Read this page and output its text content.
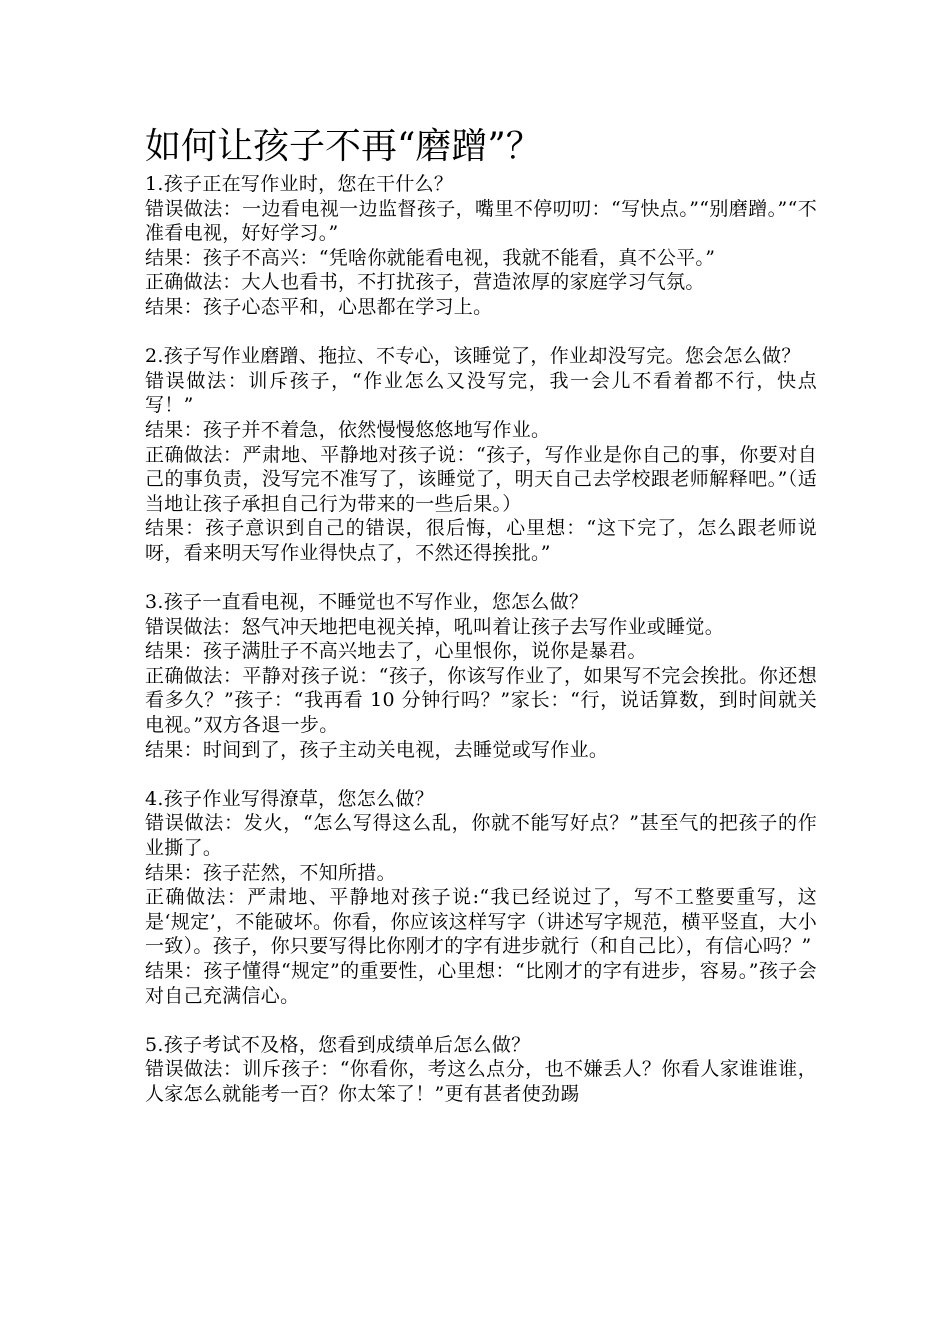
如何让孩子不再“磨蹭”？

1.孩子正在写作业时，您在干什么？

错误做法：一边看电视一边监督孩子，嘴里不停叨叨：“写快点。”“别磨蹭。”“不准看电视，好好学习。”

结果：孩子不高兴：“凭啥你就能看电视，我就不能看，真不公平。”

正确做法：大人也看书，不打扰孩子，营造浓厚的家庭学习气氛。

结果：孩子心态平和，心思都在学习上。

2.孩子写作业磨蹭、拖拉、不专心，该睡觉了，作业却没写完。您会怎么做？

错误做法：训斥孩子，“作业怎么又没写完，我一会儿不看着都不行，快点写！”

结果：孩子并不着急，依然慢慢悠悠地写作业。

正确做法：严肃地、平静地对孩子说：“孩子，写作业是你自己的事，你要对自己的事负责，没写完不准写了，该睡觉了，明天自己去学校跟老师解释吧。”（适当地让孩子承担自己行为带来的一些后果。）

结果：孩子意识到自己的错误，很后悔，心里想：“这下完了，怎么跟老师说呀，看来明天写作业得快点了，不然还得挨批。”

3.孩子一直看电视，不睡觉也不写作业，您怎么做？

错误做法：怒气冲天地把电视关掉，吼叫着让孩子去写作业或睡觉。

结果：孩子满肚子不高兴地去了，心里恨你，说你是暴君。

正确做法：平静对孩子说：“孩子，你该写作业了，如果写不完会挨批。你还想看多久？”孩子：“我再看 10 分钟行吗？”家长：“行，说话算数，到时间就关电视。”双方各退一步。

结果：时间到了，孩子主动关电视，去睡觉或写作业。

4.孩子作业写得潦草，您怎么做？

错误做法：发火，“怎么写得这么乱，你就不能写好点？”甚至气的把孩子的作业撕了。

结果：孩子茫然，不知所措。

正确做法：严肃地、平静地对孩子说:“我已经说过了，写不工整要重写，这是‘规定’，不能破坏。你看，你应该这样写字（讲述写字规范，横平竖直，大小一致）。孩子，你只要写得比你刚才的字有进步就行（和自己比），有信心吗？”

结果：孩子懂得“规定”的重要性，心里想：“比刚才的字有进步，容易。”孩子会对自己充满信心。

5.孩子考试不及格，您看到成绩单后怎么做？

错误做法：训斥孩子：“你看你，考这么点分，也不嫌丢人？你看人家谁谁谁，人家怎么就能考一百？你太笨了！”更有甚者使劲踢
